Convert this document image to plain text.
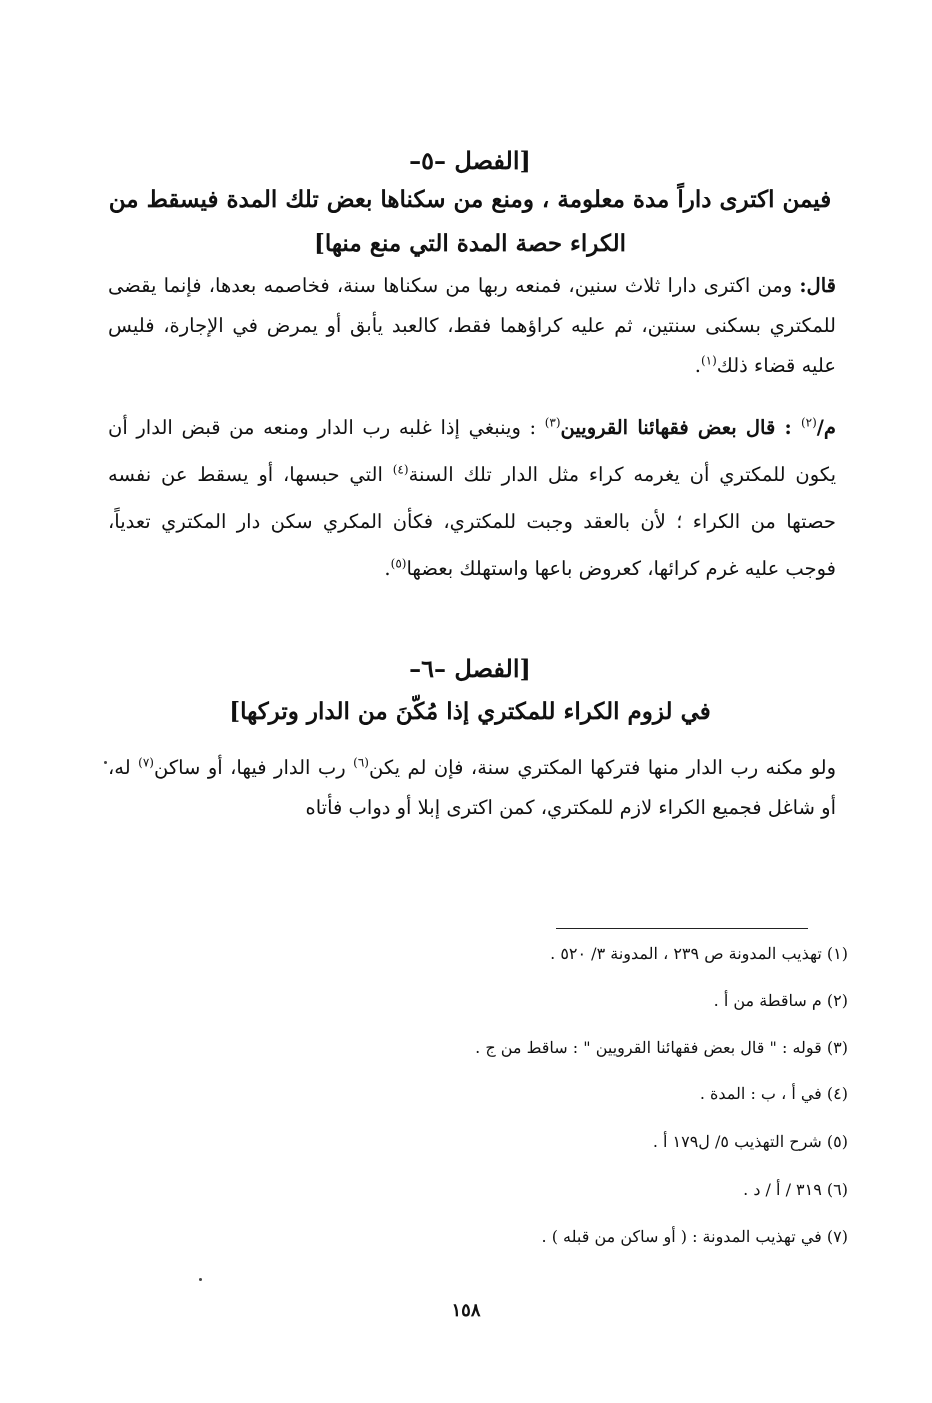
[الفصل –٥–
فيمن اكترى داراً مدة معلومة ، ومنع من سكناها بعض تلك المدة فيسقط من
الكراء حصة المدة التي منع منها]

قال: ومن اكترى دارا ثلاث سنين، فمنعه ربها من سكناها سنة، فخاصمه بعدها، فإنما يقضى للمكتري بسكنى سنتين، ثم عليه كراؤهما فقط، كالعبد يأبق أو يمرض في الإجارة، فليس عليه قضاء ذلك$^{(١)}$.

م/$^{(٢)}$ : قال بعض فقهائنا القرويين$^{(٣)}$ : وينبغي إذا غلبه رب الدار ومنعه من قبض الدار أن يكون للمكتري أن يغرمه كراء مثل الدار تلك السنة$^{(٤)}$ التي حبسها، أو يسقط عن نفسه حصتها من الكراء ؛ لأن بالعقد وجبت للمكتري، فكأن المكري سكن دار المكتري تعدياً، فوجب عليه غرم كرائها، كعروض باعها واستهلك بعضها$^{(٥)}$.

[الفصل –٦–
في لزوم الكراء للمكتري إذا مُكّنَ من الدار وتركها]

ولو مكنه رب الدار منها فتركها المكتري سنة، فإن لم يكن$^{(٦)}$ رب الدار فيها، أو ساكن$^{(٧)}$ له، أو شاغل فجميع الكراء لازم للمكتري، كمن اكترى إبلا أو دواب فأتاه

(١) تهذيب المدونة ص ٢٣٩ ، المدونة ٣/ ٥٢٠ .
(٢) م ساقطة من أ .
(٣) قوله : " قال بعض فقهائنا القرويين " : ساقط من ج .
(٤) في أ ، ب : المدة .
(٥) شرح التهذيب ٥/ ل١٧٩ أ .
(٦) ٣١٩ / أ / د .
(٧) في تهذيب المدونة : ( أو ساكن من قبله ) .
١٥٨
